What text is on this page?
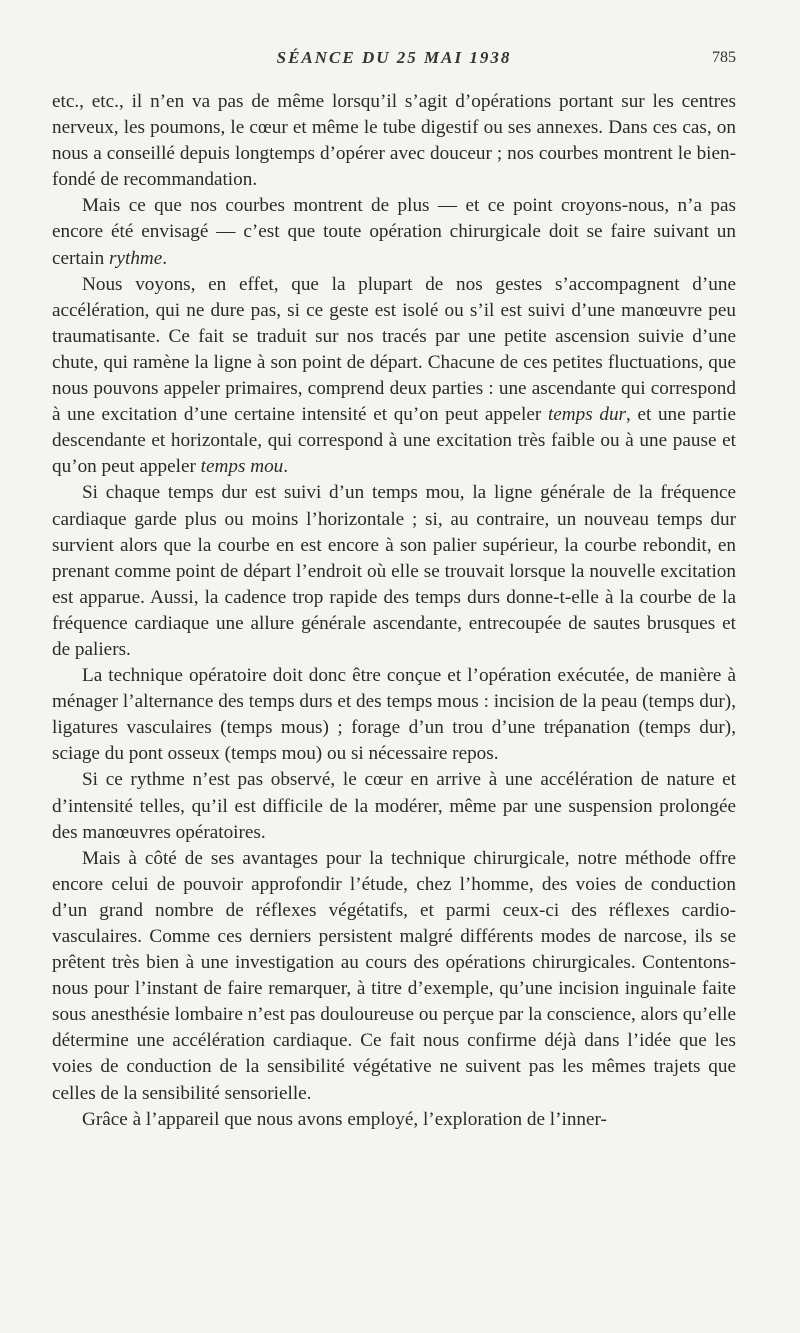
SÉANCE DU 25 MAI 1938	785

etc., etc., il n’en va pas de même lorsqu’il s’agit d’opérations portant sur les centres nerveux, les poumons, le cœur et même le tube digestif ou ses annexes. Dans ces cas, on nous a conseillé depuis longtemps d’opérer avec douceur ; nos courbes montrent le bien-fondé de recommandation.

Mais ce que nos courbes montrent de plus — et ce point croyons-nous, n’a pas encore été envisagé — c’est que toute opération chirurgicale doit se faire suivant un certain rythme.

Nous voyons, en effet, que la plupart de nos gestes s’accompagnent d’une accélération, qui ne dure pas, si ce geste est isolé ou s’il est suivi d’une manœuvre peu traumatisante. Ce fait se traduit sur nos tracés par une petite ascension suivie d’une chute, qui ramène la ligne à son point de départ. Chacune de ces petites fluctuations, que nous pouvons appeler primaires, comprend deux parties : une ascendante qui correspond à une excitation d’une certaine intensité et qu’on peut appeler temps dur, et une partie descendante et horizontale, qui correspond à une excitation très faible ou à une pause et qu’on peut appeler temps mou.

Si chaque temps dur est suivi d’un temps mou, la ligne générale de la fréquence cardiaque garde plus ou moins l’horizontale ; si, au contraire, un nouveau temps dur survient alors que la courbe en est encore à son palier supérieur, la courbe rebondit, en prenant comme point de départ l’endroit où elle se trouvait lorsque la nouvelle excitation est apparue. Aussi, la cadence trop rapide des temps durs donne-t-elle à la courbe de la fréquence cardiaque une allure générale ascendante, entrecoupée de sautes brusques et de paliers.

La technique opératoire doit donc être conçue et l’opération exécutée, de manière à ménager l’alternance des temps durs et des temps mous : incision de la peau (temps dur), ligatures vasculaires (temps mous) ; forage d’un trou d’une trépanation (temps dur), sciage du pont osseux (temps mou) ou si nécessaire repos.

Si ce rythme n’est pas observé, le cœur en arrive à une accélération de nature et d’intensité telles, qu’il est difficile de la modérer, même par une suspension prolongée des manœuvres opératoires.

Mais à côté de ses avantages pour la technique chirurgicale, notre méthode offre encore celui de pouvoir approfondir l’étude, chez l’homme, des voies de conduction d’un grand nombre de réflexes végétatifs, et parmi ceux-ci des réflexes cardio-vasculaires. Comme ces derniers persistent malgré différents modes de narcose, ils se prêtent très bien à une investigation au cours des opérations chirurgicales. Contentons-nous pour l’instant de faire remarquer, à titre d’exemple, qu’une incision inguinale faite sous anesthésie lombaire n’est pas douloureuse ou perçue par la conscience, alors qu’elle détermine une accélération cardiaque. Ce fait nous confirme déjà dans l’idée que les voies de conduction de la sensibilité végétative ne suivent pas les mêmes trajets que celles de la sensibilité sensorielle.

Grâce à l’appareil que nous avons employé, l’exploration de l’inner-
